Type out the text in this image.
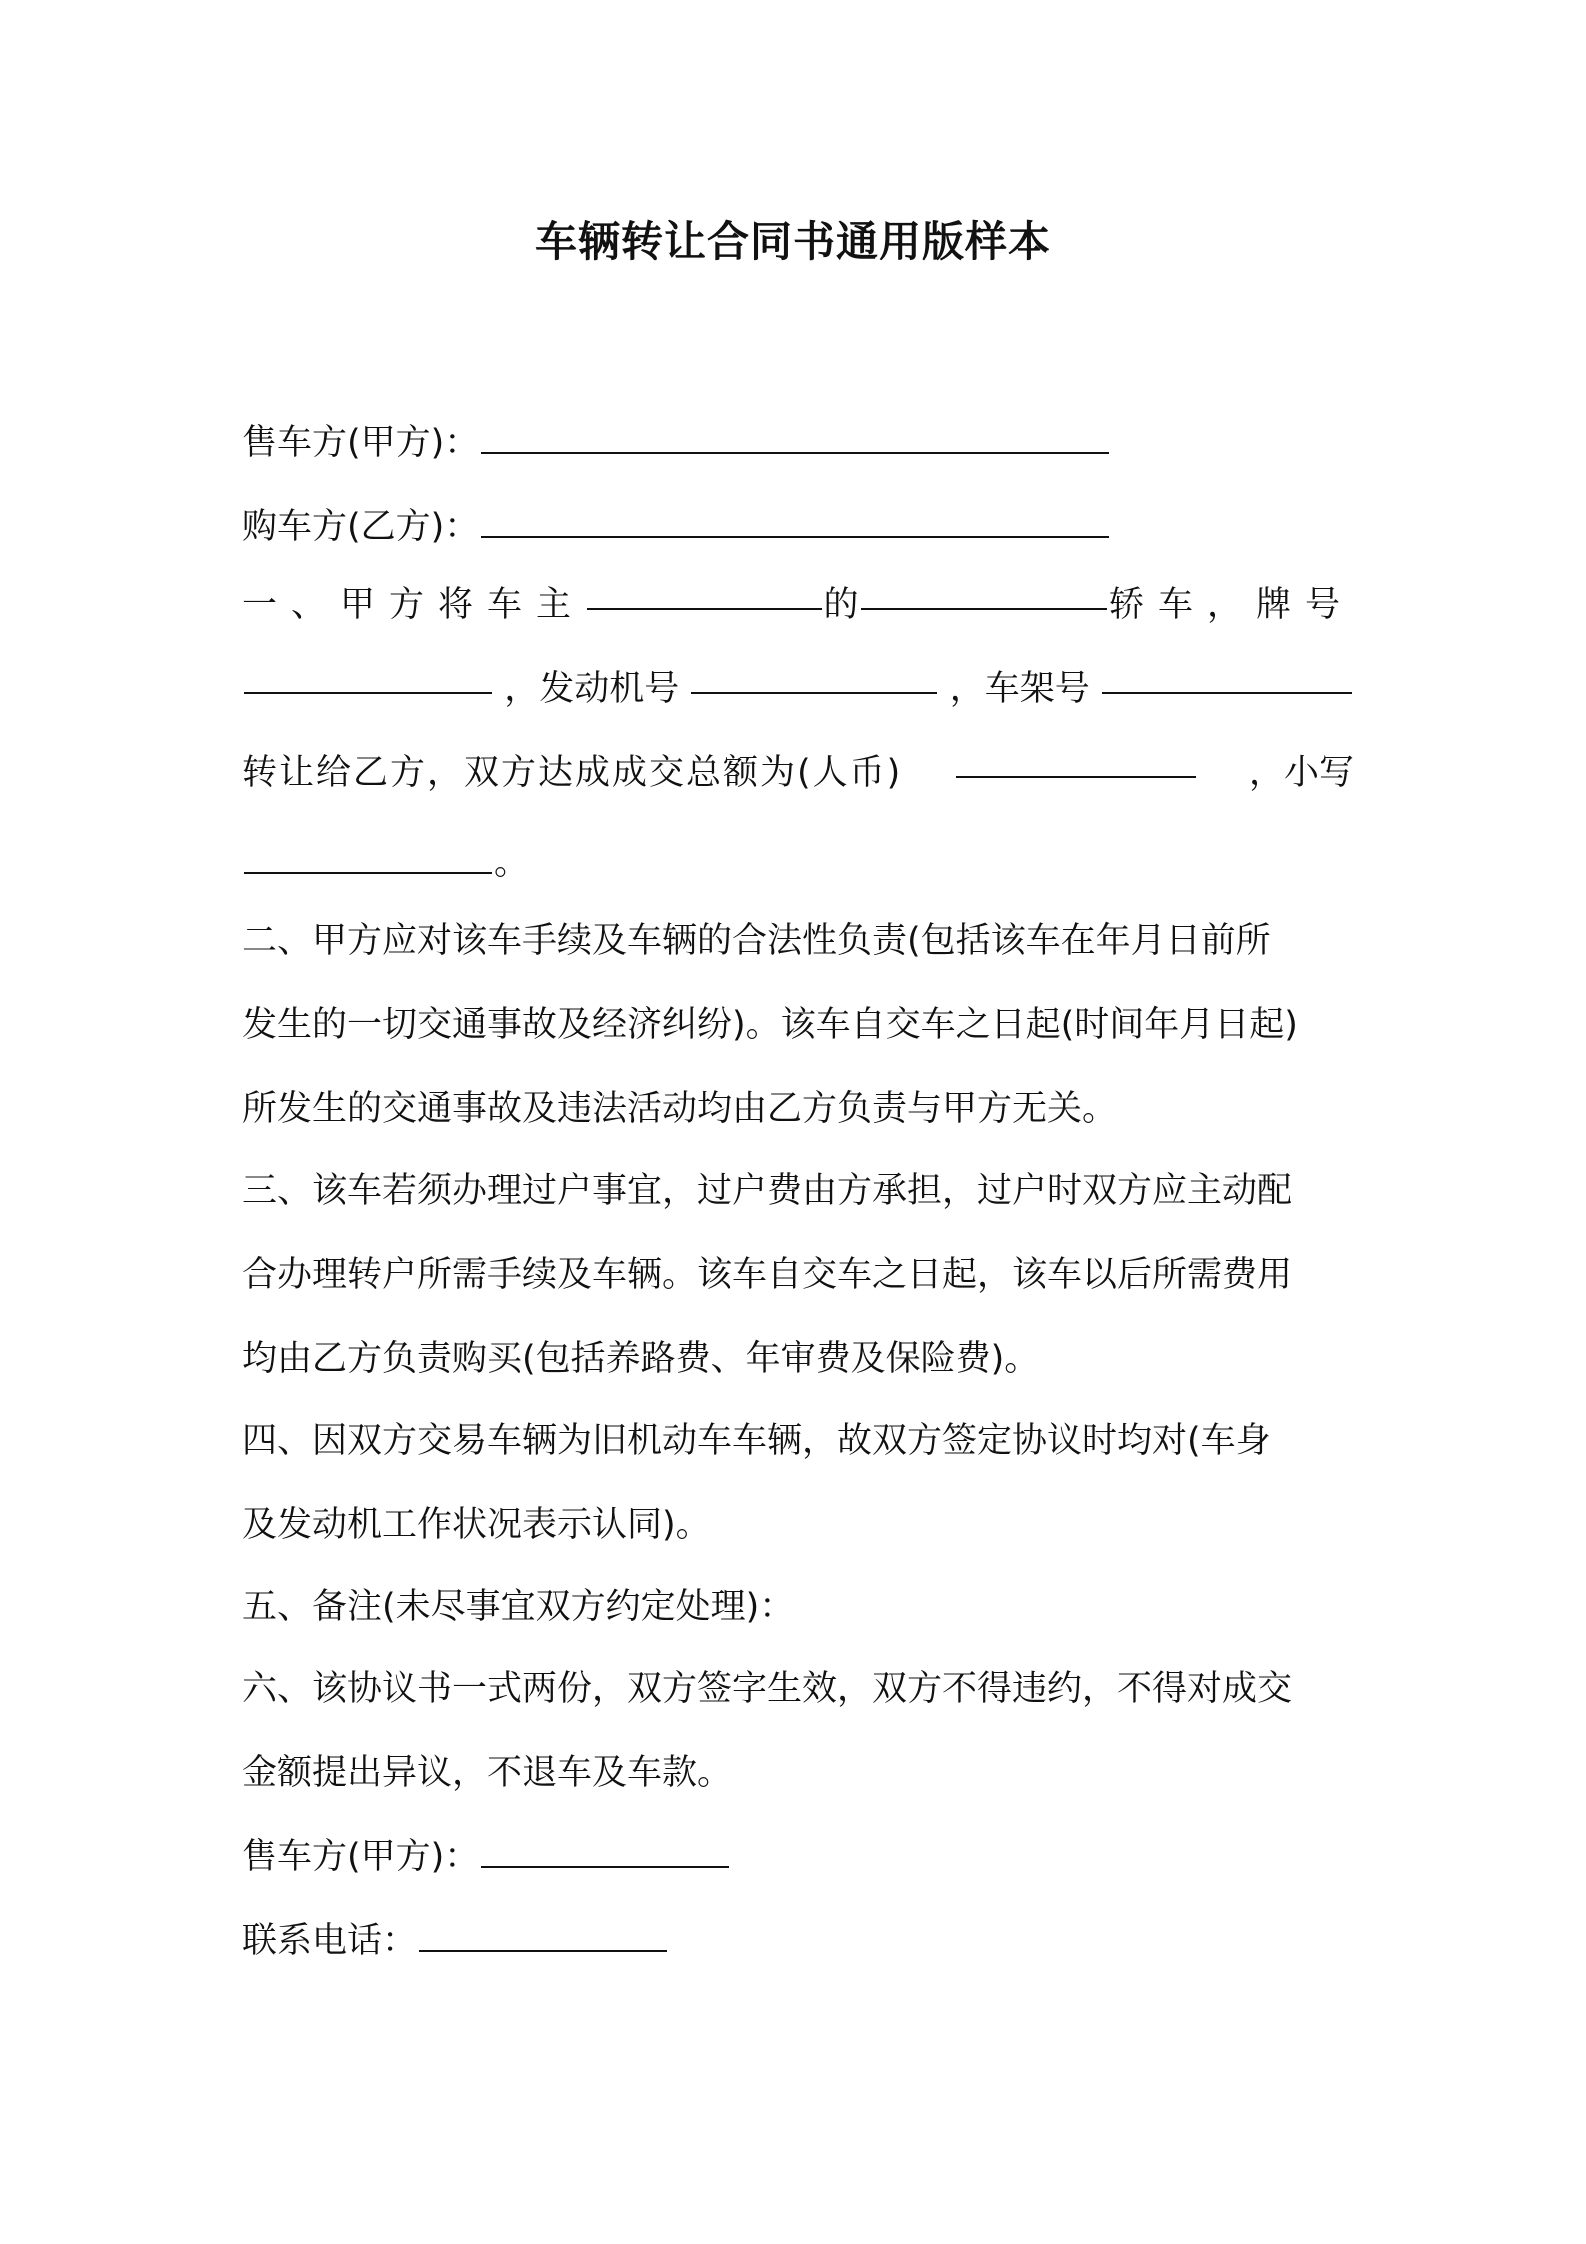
车辆转让合同书通用版样本
售车方(甲方)：
购车方(乙方)：
一、甲方将车主	的	轿车，牌号
，发动机号	，车架号
转让给乙方，双方达成成交总额为(人币)	，小写
。
二、甲方应对该车手续及车辆的合法性负责(包括该车在年月日前所
发生的一切交通事故及经济纠纷)。该车自交车之日起(时间年月日起)
所发生的交通事故及违法活动均由乙方负责与甲方无关。
三、该车若须办理过户事宜，过户费由方承担，过户时双方应主动配
合办理转户所需手续及车辆。该车自交车之日起，该车以后所需费用
均由乙方负责购买(包括养路费、年审费及保险费)。
四、因双方交易车辆为旧机动车车辆，故双方签定协议时均对(车身
及发动机工作状况表示认同)。
五、备注(未尽事宜双方约定处理)：
六、该协议书一式两份，双方签字生效，双方不得违约，不得对成交
金额提出异议，不退车及车款。
售车方(甲方)：
联系电话：
